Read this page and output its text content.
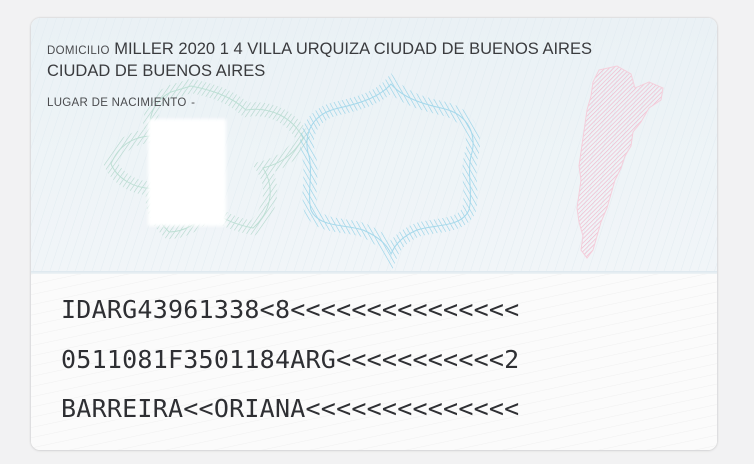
DOMICILIO MILLER 2020 1 4 VILLA URQUIZA CIUDAD DE BUENOS AIRES
CIUDAD DE BUENOS AIRES
LUGAR DE NACIMIENTO -
IDARG43961338<8<<<<<<<<<<<<<<<
0511081F3501184ARG<<<<<<<<<<<2
BARREIRA<<ORIANA<<<<<<<<<<<<<<
